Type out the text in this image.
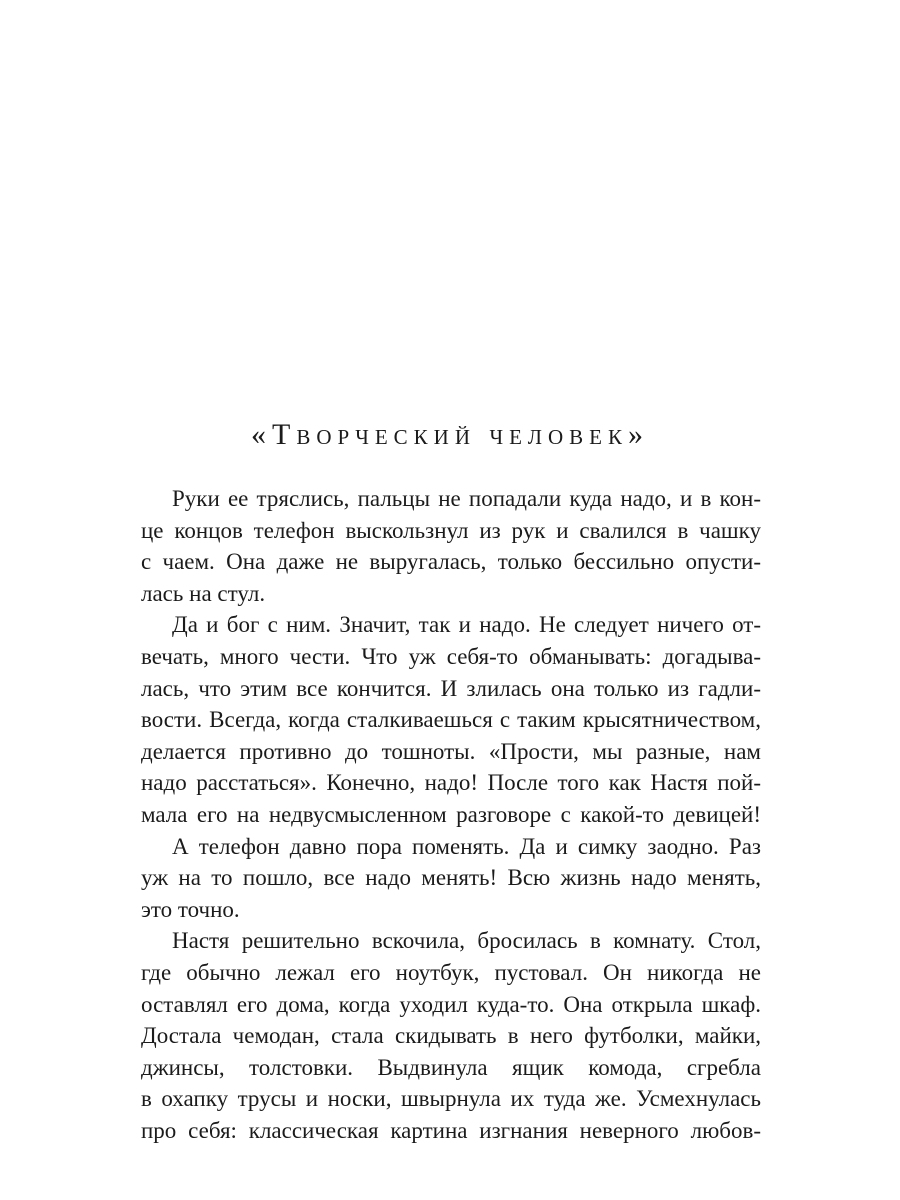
«Творческий человек»
Руки ее тряслись, пальцы не попадали куда надо, и в кон-
це концов телефон выскользнул из рук и свалился в чашку
с чаем. Она даже не выругалась, только бессильно опусти-
лась на стул.
Да и бог с ним. Значит, так и надо. Не следует ничего от-
вечать, много чести. Что уж себя-то обманывать: догадыва-
лась, что этим все кончится. И злилась она только из гадли-
вости. Всегда, когда сталкиваешься с таким крысятничеством,
делается противно до тошноты. «Прости, мы разные, нам
надо расстаться». Конечно, надо! После того как Настя пой-
мала его на недвусмысленном разговоре с какой-то девицей!
А телефон давно пора поменять. Да и симку заодно. Раз
уж на то пошло, все надо менять! Всю жизнь надо менять,
это точно.
Настя решительно вскочила, бросилась в комнату. Стол,
где обычно лежал его ноутбук, пустовал. Он никогда не
оставлял его дома, когда уходил куда-то. Она открыла шкаф.
Достала чемодан, стала скидывать в него футболки, майки,
джинсы, толстовки. Выдвинула ящик комода, сгребла
в охапку трусы и носки, швырнула их туда же. Усмехнулась
про себя: классическая картина изгнания неверного любов-
